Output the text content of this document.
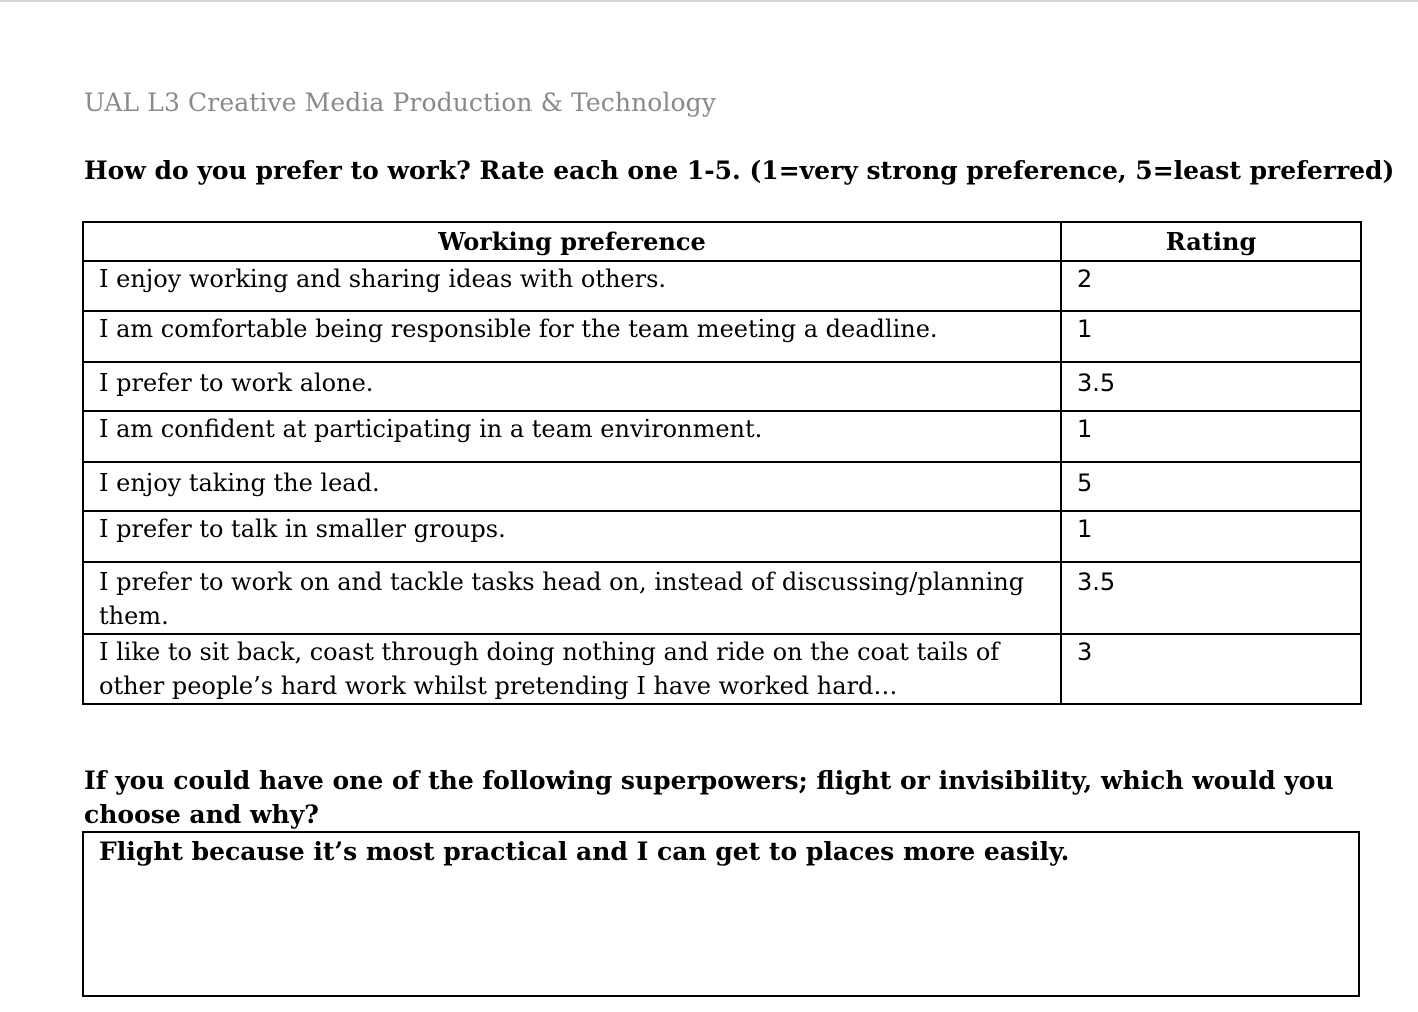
UAL L3 Creative Media Production & Technology
How do you prefer to work? Rate each one 1-5. (1=very strong preference, 5=least preferred)
Working preference	Rating
I enjoy working and sharing ideas with others.	2
I am comfortable being responsible for the team meeting a deadline.	1
I prefer to work alone.	3.5
I am confident at participating in a team environment.	1
I enjoy taking the lead.	5
I prefer to talk in smaller groups.	1
I prefer to work on and tackle tasks head on, instead of discussing/planning them.	3.5
I like to sit back, coast through doing nothing and ride on the coat tails of other people’s hard work whilst pretending I have worked hard…	3
If you could have one of the following superpowers; flight or invisibility, which would you choose and why?
Flight because it’s most practical and I can get to places more easily.
